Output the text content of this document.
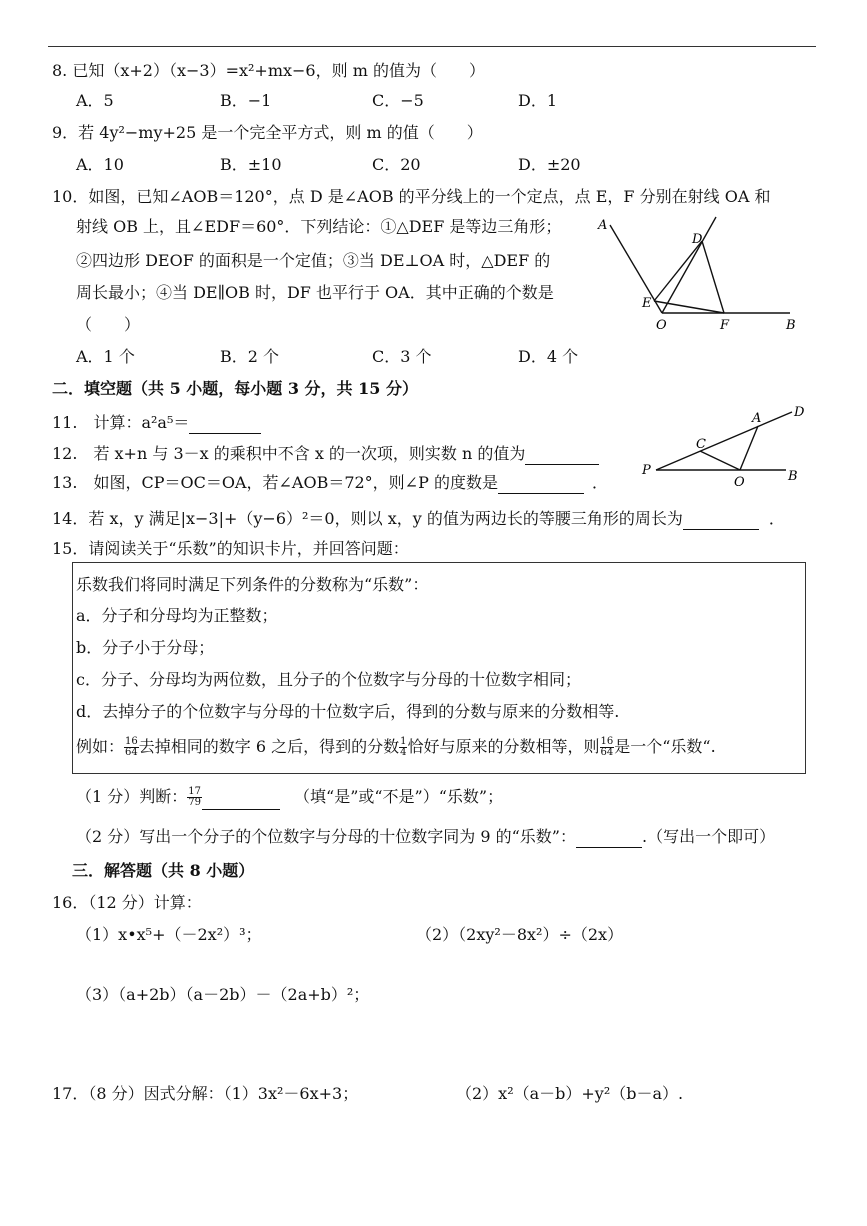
8. 已知（x+2）（x−3）=x²+mx−6，则 m 的值为（　　）
A．5	B．−1	C．−5	D．1
9．若 4y²−my+25 是一个完全平方式，则 m 的值（　　）
A．10	B．±10	C．20	D．±20
10．如图，已知∠AOB＝120°，点 D 是∠AOB 的平分线上的一个定点，点 E，F 分别在射线 OA 和
射线 OB 上，且∠EDF＝60°．下列结论：①△DEF 是等边三角形；
②四边形 DEOF 的面积是一个定值；③当 DE⊥OA 时，△DEF 的
周长最小；④当 DE∥OB 时，DF 也平行于 OA．其中正确的个数是
（　　）
A．1 个	B．2 个	C．3 个	D．4 个
A
D
E
O	F	B
二．填空题（共 5 小题，每小题 3 分，共 15 分）
11.　计算：a²a⁵＝
12.　若 x+n 与 3－x 的乘积中不含 x 的一次项，则实数 n 的值为
13.　如图，CP＝OC＝OA，若∠AOB＝72°，则∠P 的度数是	．
A	D
C
P
O	B
14．若 x，y 满足|x−3|+（y−6）²＝0，则以 x，y 的值为两边长的等腰三角形的周长为	．
15．请阅读关于“乐数”的知识卡片，并回答问题：
乐数我们将同时满足下列条件的分数称为“乐数”：
a．分子和分母均为正整数；
b．分子小于分母；
c．分子、分母均为两位数，且分子的个位数字与分母的十位数字相同；
d．去掉分子的个位数字与分母的十位数字后，得到的分数与原来的分数相等.
例如： $\frac{16}{64}$ 去掉相同的数字 6 之后，得到的分数 $\frac{1}{4}$ 恰好与原来的分数相等，则 $\frac{16}{64}$ 是一个“乐数“.
（1 分）判断： $\frac{17}{79}$	（填“是”或“不是”）“乐数”；
（2 分）写出一个分子的个位数字与分母的十位数字同为 9 的“乐数”：	.（写出一个即可）
三．解答题（共 8 小题）
16．（12 分）计算：
（1）x•x⁵+（－2x²）³；	（2）（2xy²－8x²）÷（2x）
（3）（a+2b）（a－2b）－（2a+b）²；
17．（8 分）因式分解：（1）3x²－6x+3；	（2）x²（a－b）+y²（b－a）.
